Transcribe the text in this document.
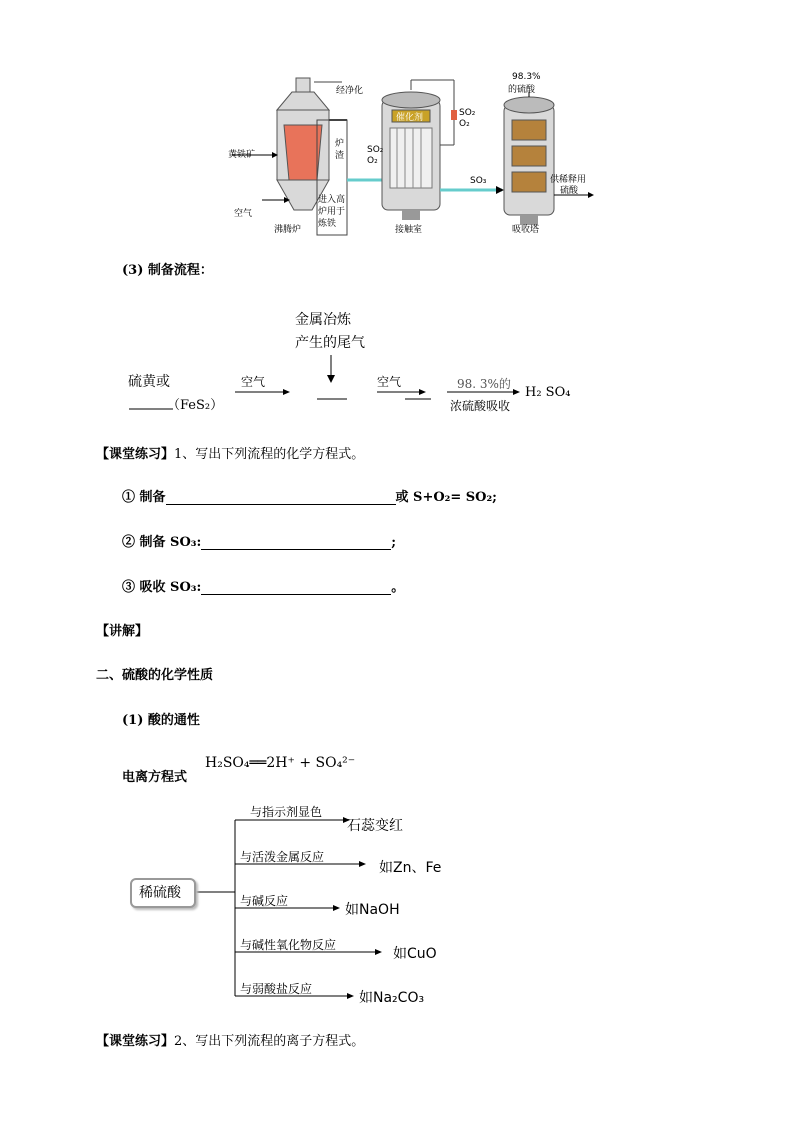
黄铁矿
空气
沸腾炉
经净化
炉渣
进入高炉用于炼铁
SO₂
O₂
SO₂
O₂
催化剂
接触室
SO₃
98.3%
的硫酸
供稀释用
硫酸
吸收塔
(3) 制备流程：
金属冶炼
产生的尾气
硫黄或
（FeS₂）
空气	空气	98. 3%的
浓硫酸吸收
H₂ SO₄
【课堂练习】1、写出下列流程的化学方程式。
① 制备	或 S+O₂= SO₂;
② 制备 SO₃:	;
③ 吸收 SO₃:	。
【讲解】
二、硫酸的化学性质
(1) 酸的通性
电离方程式
H₂SO₄══2H⁺ + SO₄²⁻
稀硫酸
与指示剂显色
石蕊变红
与活泼金属反应
如Zn、Fe
与碱反应
如NaOH
与碱性氧化物反应
如CuO
与弱酸盐反应
如Na₂CO₃
【课堂练习】2、写出下列流程的离子方程式。
